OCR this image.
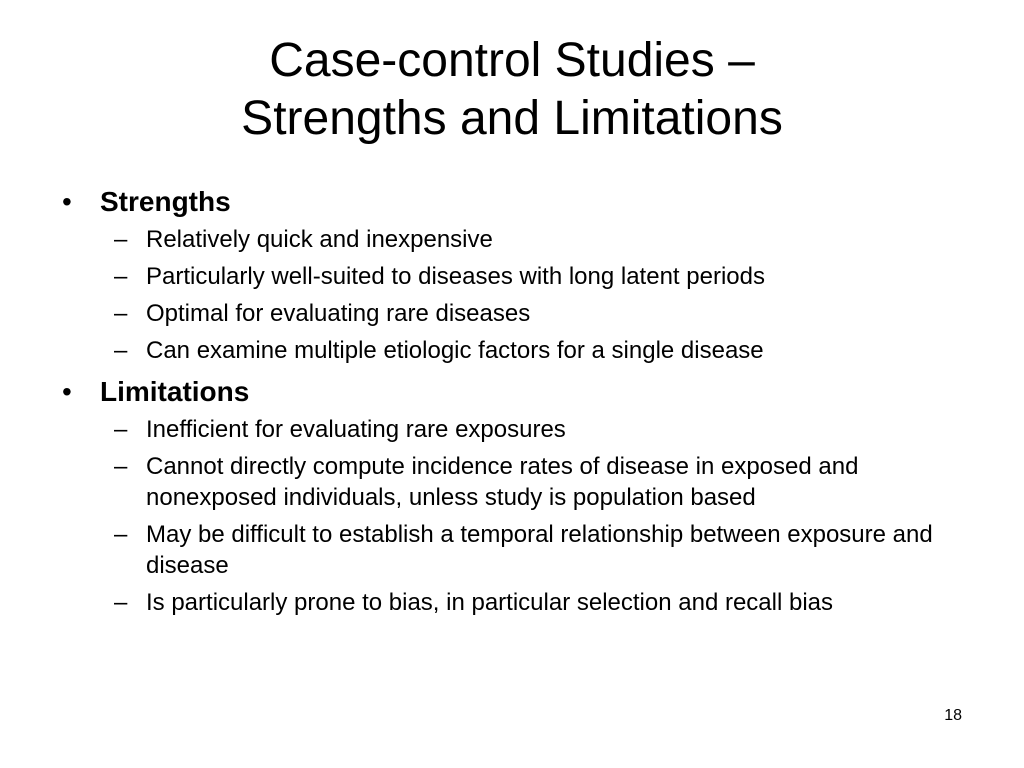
Case-control Studies –
Strengths and Limitations
• Strengths
– Relatively quick and inexpensive
– Particularly well-suited to diseases with long latent periods
– Optimal for evaluating rare diseases
– Can examine multiple etiologic factors for a single disease
• Limitations
– Inefficient for evaluating rare exposures
– Cannot directly compute incidence rates of disease in exposed and nonexposed individuals, unless study is population based
– May be difficult to establish a temporal relationship between exposure and disease
– Is particularly prone to bias, in particular selection and recall bias
18
